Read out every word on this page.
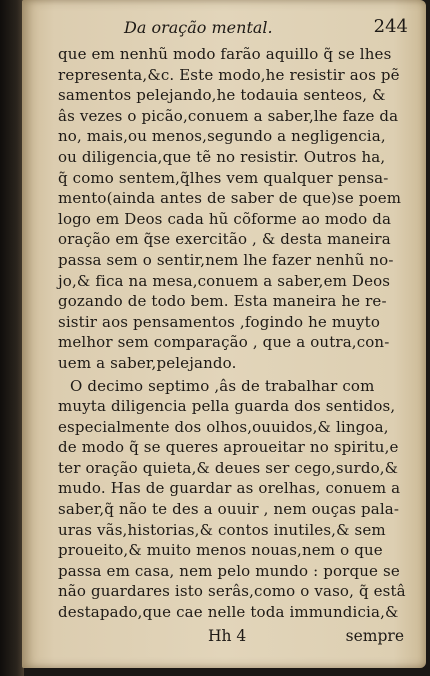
Da oração mental.	244
que em nenhũ modo farão aquillo q̃ se lhes
representa,&c. Este modo,he resistir aos pẽ
samentos pelejando,he todauia senteos, &
âs vezes o picão,conuem a saber,lhe faze da
no, mais,ou menos,segundo a negligencia,
ou diligencia,que tẽ no resistir. Outros ha,
q̃ como sentem,q̃lhes vem qualquer pensa-
mento(ainda antes de saber de que)se poem
logo em Deos cada hũ cõforme ao modo da
oração em q̃se exercitão , & desta maneira
passa sem o sentir,nem lhe fazer nenhũ no-
jo,& fica na mesa,conuem a saber,em Deos
gozando de todo bem. Esta maneira he re-
sistir aos pensamentos ,fogindo he muyto
melhor sem comparação , que a outra,con-
uem a saber,pelejando.
O decimo septimo ,âs de trabalhar com
muyta diligencia pella guarda dos sentidos,
especialmente dos olhos,ouuidos,& lingoa,
de modo q̃ se queres aproueitar no spiritu,e
ter oração quieta,& deues ser cego,surdo,&
mudo. Has de guardar as orelhas, conuem a
saber,q̃ não te des a ouuir , nem ouças pala-
uras vãs,historias,& contos inutiles,& sem
proueito,& muito menos nouas,nem o que
passa em casa, nem pelo mundo : porque se
não guardares isto serâs,como o vaso, q̃ estâ
destapado,que cae nelle toda immundicia,&
Hh 4	sempre
